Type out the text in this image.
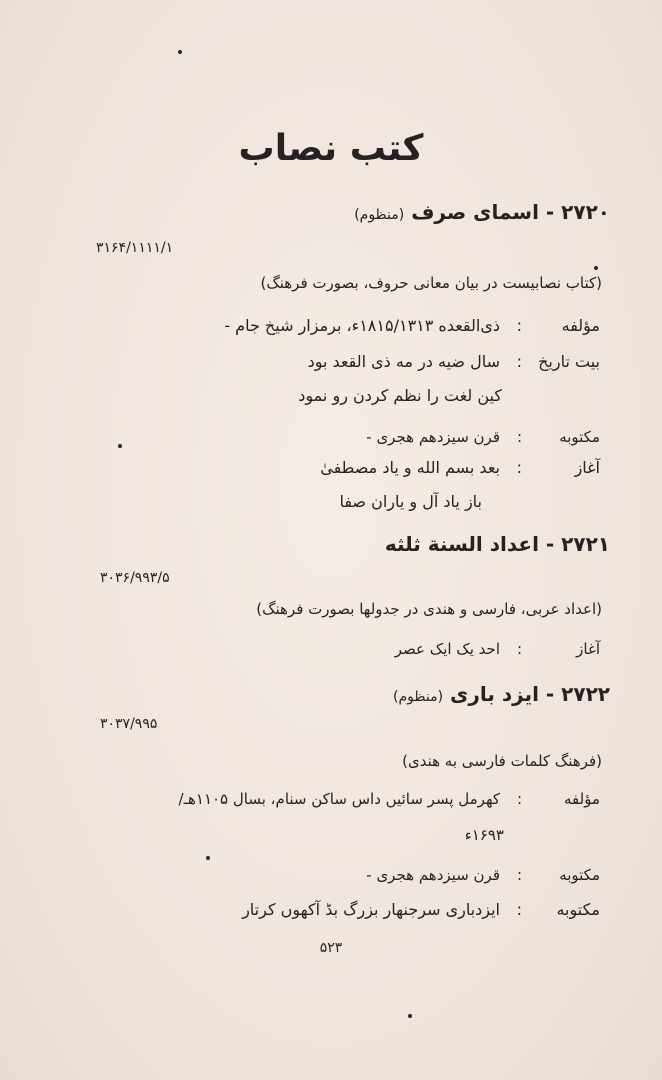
کتب نصاب
۲۷۲۰ - اسمای صرف (منظوم)
۳۱۶۴/۱۱۱۱/۱
(کتاب نصابیست در بیان معانی حروف، بصورت فرهنگ)
مؤلفه:ذی‌القعده ۱۸۱۵/۱۳۱۳ء، برمزار شیخ جام -
بیت تاریخ:سال ضیه در مه ذی القعد بود
کین لغت را نظم کردن رو نمود
مکتوبه:قرن سیزدهم هجری -
آغاز:بعد بسم الله و یاد مصطفیٰ
باز یاد آل و یاران صفا
۲۷۲۱ - اعداد السنة ثلثه
۳۰۳۶/۹۹۳/۵
(اعداد عربی، فارسی و هندی در جدولها بصورت فرهنگ)
آغاز:احد یک ایک عصر
۲۷۲۲ - ایزد باری (منظوم)
۳۰۳۷/۹۹۵
(فرهنگ کلمات فارسی به هندی)
مؤلفه:کهرمل پسر سائیں داس ساکن سنام، بسال ۱۱۰۵هـ/
۱۶۹۳ء
مکتوبه:قرن سیزدهم هجری -
مکتوبه:ایزدباری سرجنهار بزرگ بڈ آکھوں کرتار
۵۲۳
